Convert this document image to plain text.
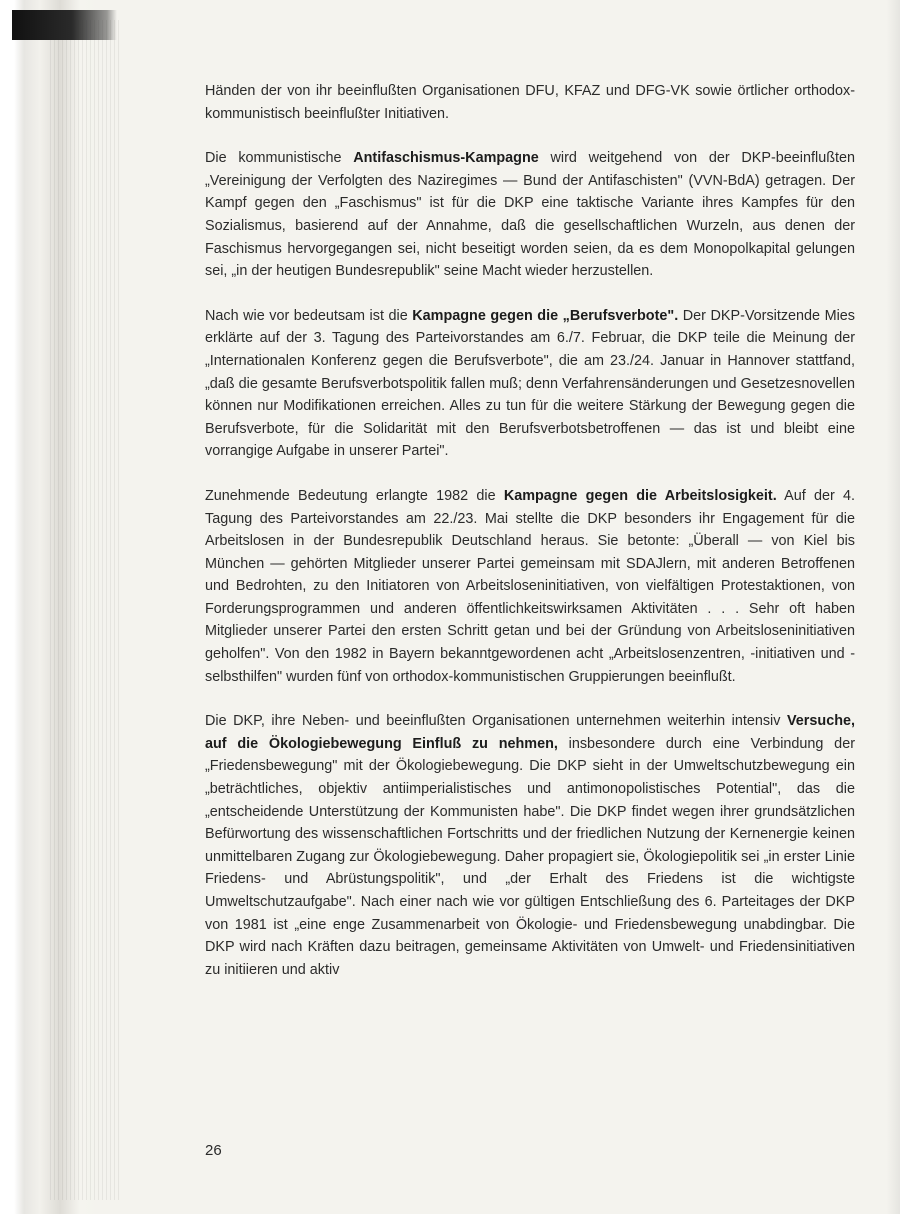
Händen der von ihr beeinflußten Organisationen DFU, KFAZ und DFG-VK sowie örtlicher orthodox-kommunistisch beeinflußter Initiativen.

Die kommunistische Antifaschismus-Kampagne wird weitgehend von der DKP-beeinflußten „Vereinigung der Verfolgten des Naziregimes — Bund der Antifaschisten" (VVN-BdA) getragen. Der Kampf gegen den „Faschismus" ist für die DKP eine taktische Variante ihres Kampfes für den Sozialismus, basierend auf der Annahme, daß die gesellschaftlichen Wurzeln, aus denen der Faschismus hervorgegangen sei, nicht beseitigt worden seien, da es dem Monopolkapital gelungen sei, „in der heutigen Bundesrepublik" seine Macht wieder herzustellen.

Nach wie vor bedeutsam ist die Kampagne gegen die „Berufsverbote". Der DKP-Vorsitzende Mies erklärte auf der 3. Tagung des Parteivorstandes am 6./7. Februar, die DKP teile die Meinung der „Internationalen Konferenz gegen die Berufsverbote", die am 23./24. Januar in Hannover stattfand, „daß die gesamte Berufsverbotspolitik fallen muß; denn Verfahrensänderungen und Gesetzesnovellen können nur Modifikationen erreichen. Alles zu tun für die weitere Stärkung der Bewegung gegen die Berufsverbote, für die Solidarität mit den Berufsverbotsbetroffenen — das ist und bleibt eine vorrangige Aufgabe in unserer Partei".

Zunehmende Bedeutung erlangte 1982 die Kampagne gegen die Arbeitslosigkeit. Auf der 4. Tagung des Parteivorstandes am 22./23. Mai stellte die DKP besonders ihr Engagement für die Arbeitslosen in der Bundesrepublik Deutschland heraus. Sie betonte: „Überall — von Kiel bis München — gehörten Mitglieder unserer Partei gemeinsam mit SDAJlern, mit anderen Betroffenen und Bedrohten, zu den Initiatoren von Arbeitsloseninitiativen, von vielfältigen Protestaktionen, von Forderungsprogrammen und anderen öffentlichkeitswirksamen Aktivitäten . . . Sehr oft haben Mitglieder unserer Partei den ersten Schritt getan und bei der Gründung von Arbeitsloseninitiativen geholfen". Von den 1982 in Bayern bekanntgewordenen acht „Arbeitslosenzentren, -initiativen und -selbsthilfen" wurden fünf von orthodox-kommunistischen Gruppierungen beeinflußt.

Die DKP, ihre Neben- und beeinflußten Organisationen unternehmen weiterhin intensiv Versuche, auf die Ökologiebewegung Einfluß zu nehmen, insbesondere durch eine Verbindung der „Friedensbewegung" mit der Ökologiebewegung. Die DKP sieht in der Umweltschutzbewegung ein „beträchtliches, objektiv antiimperialistisches und antimonopolistisches Potential", das die „entscheidende Unterstützung der Kommunisten habe". Die DKP findet wegen ihrer grundsätzlichen Befürwortung des wissenschaftlichen Fortschritts und der friedlichen Nutzung der Kernenergie keinen unmittelbaren Zugang zur Ökologiebewegung. Daher propagiert sie, Ökologiepolitik sei „in erster Linie Friedens- und Abrüstungspolitik", und „der Erhalt des Friedens ist die wichtigste Umweltschutzaufgabe". Nach einer nach wie vor gültigen Entschließung des 6. Parteitages der DKP von 1981 ist „eine enge Zusammenarbeit von Ökologie- und Friedensbewegung unabdingbar. Die DKP wird nach Kräften dazu beitragen, gemeinsame Aktivitäten von Umwelt- und Friedensinitiativen zu initiieren und aktiv

26
